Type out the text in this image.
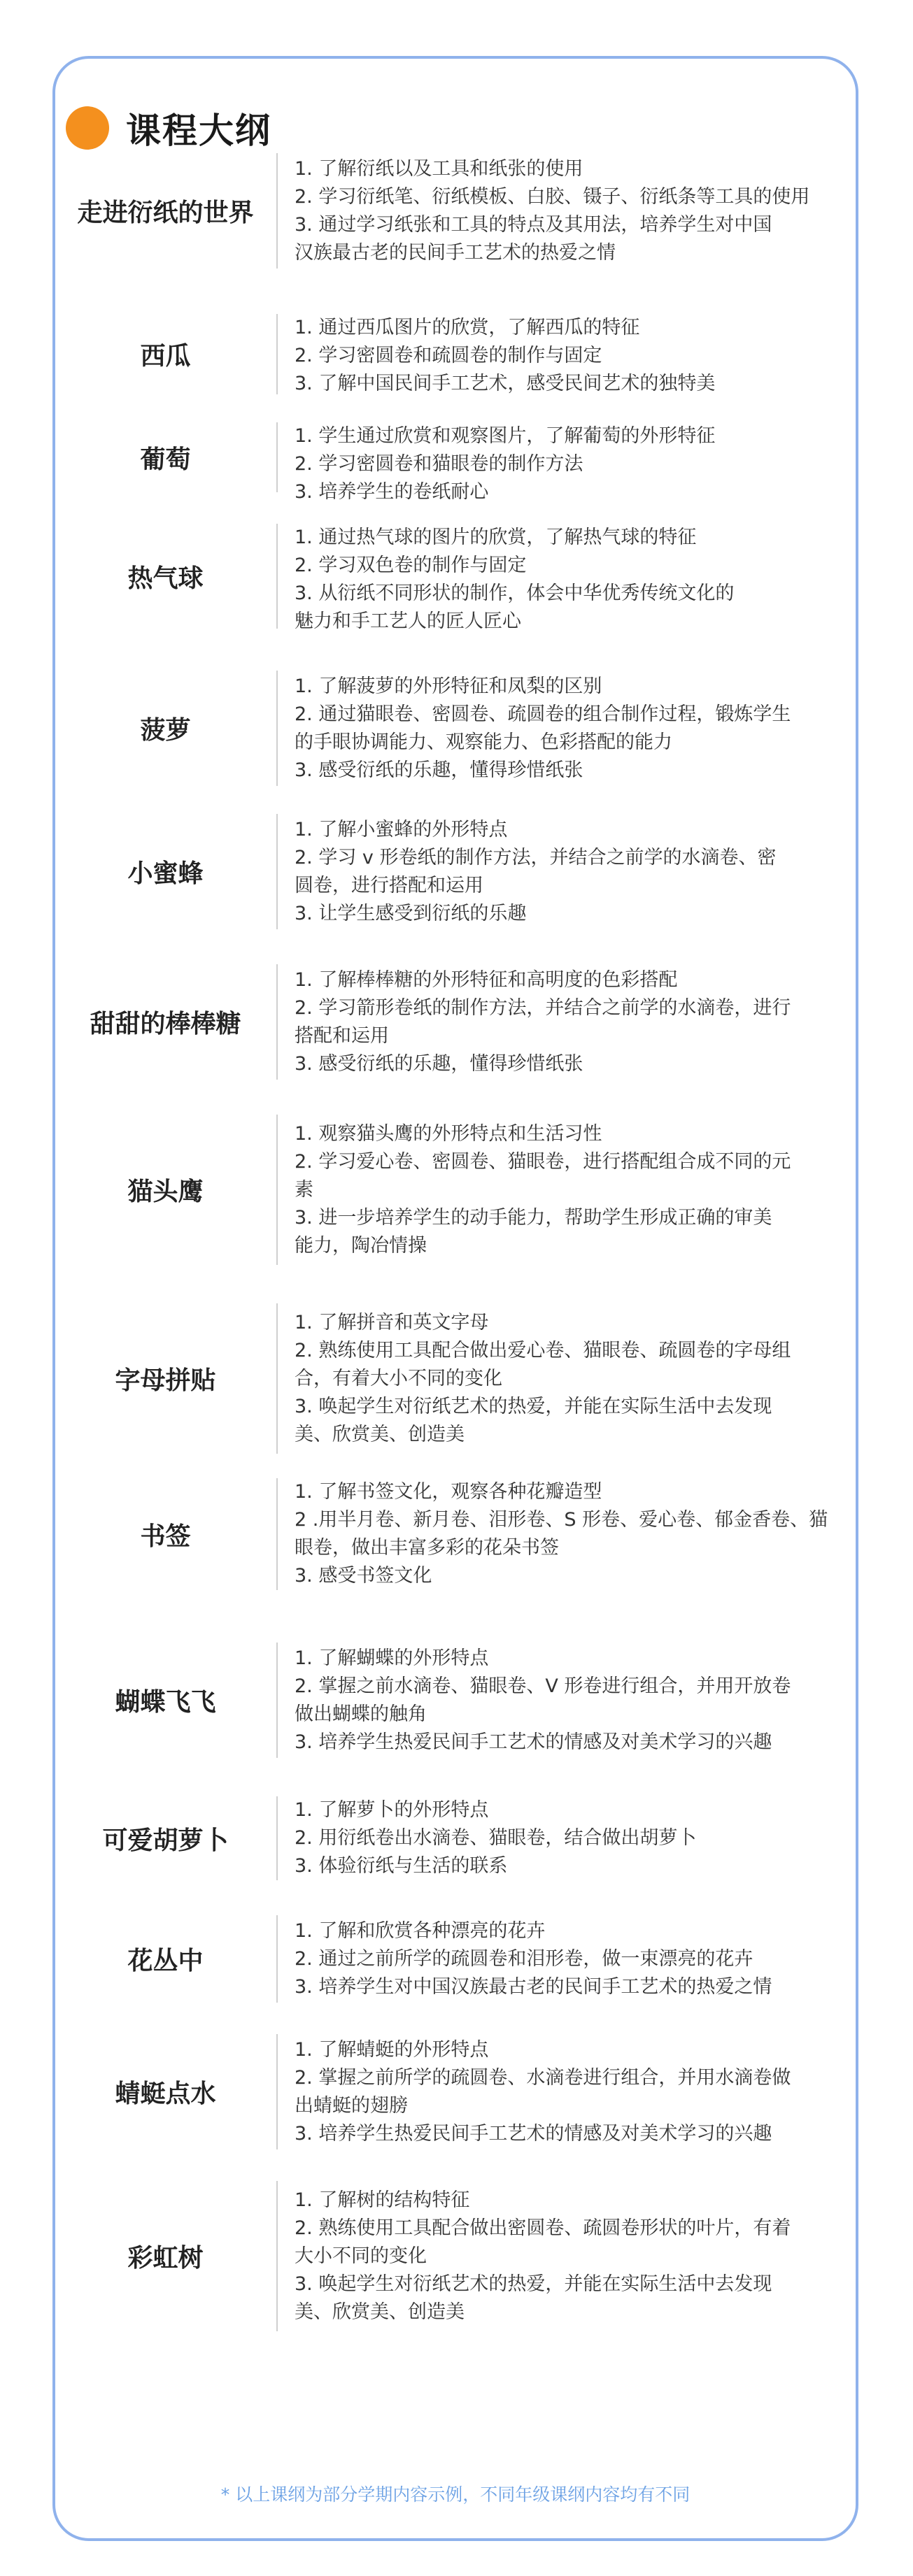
课程大纲
走进衍纸的世界
1. 了解衍纸以及工具和纸张的使用
2. 学习衍纸笔、衍纸模板、白胶、镊子、衍纸条等工具的使用
3. 通过学习纸张和工具的特点及其用法，培养学生对中国
汉族最古老的民间手工艺术的热爱之情
西瓜
1. 通过西瓜图片的欣赏，了解西瓜的特征
2. 学习密圆卷和疏圆卷的制作与固定
3. 了解中国民间手工艺术，感受民间艺术的独特美
葡萄
1. 学生通过欣赏和观察图片，了解葡萄的外形特征
2. 学习密圆卷和猫眼卷的制作方法
3. 培养学生的卷纸耐心
热气球
1. 通过热气球的图片的欣赏，了解热气球的特征
2. 学习双色卷的制作与固定
3. 从衍纸不同形状的制作，体会中华优秀传统文化的
魅力和手工艺人的匠人匠心
菠萝
1. 了解菠萝的外形特征和凤梨的区别
2. 通过猫眼卷、密圆卷、疏圆卷的组合制作过程，锻炼学生
的手眼协调能力、观察能力、色彩搭配的能力
3. 感受衍纸的乐趣，懂得珍惜纸张
小蜜蜂
1. 了解小蜜蜂的外形特点
2. 学习 v 形卷纸的制作方法，并结合之前学的水滴卷、密
圆卷，进行搭配和运用
3. 让学生感受到衍纸的乐趣
甜甜的棒棒糖
1. 了解棒棒糖的外形特征和高明度的色彩搭配
2. 学习箭形卷纸的制作方法，并结合之前学的水滴卷，进行
搭配和运用
3. 感受衍纸的乐趣，懂得珍惜纸张
猫头鹰
1. 观察猫头鹰的外形特点和生活习性
2. 学习爱心卷、密圆卷、猫眼卷，进行搭配组合成不同的元
素
3. 进一步培养学生的动手能力，帮助学生形成正确的审美
能力，陶冶情操
字母拼贴
1. 了解拼音和英文字母
2. 熟练使用工具配合做出爱心卷、猫眼卷、疏圆卷的字母组
合，有着大小不同的变化
3. 唤起学生对衍纸艺术的热爱，并能在实际生活中去发现
美、欣赏美、创造美
书签
1. 了解书签文化，观察各种花瓣造型
2 .用半月卷、新月卷、泪形卷、S 形卷、爱心卷、郁金香卷、猫
眼卷，做出丰富多彩的花朵书签
3. 感受书签文化
蝴蝶飞飞
1. 了解蝴蝶的外形特点
2. 掌握之前水滴卷、猫眼卷、V 形卷进行组合，并用开放卷
做出蝴蝶的触角
3. 培养学生热爱民间手工艺术的情感及对美术学习的兴趣
可爱胡萝卜
1. 了解萝卜的外形特点
2. 用衍纸卷出水滴卷、猫眼卷，结合做出胡萝卜
3. 体验衍纸与生活的联系
花丛中
1. 了解和欣赏各种漂亮的花卉
2. 通过之前所学的疏圆卷和泪形卷，做一束漂亮的花卉
3. 培养学生对中国汉族最古老的民间手工艺术的热爱之情
蜻蜓点水
1. 了解蜻蜓的外形特点
2. 掌握之前所学的疏圆卷、水滴卷进行组合，并用水滴卷做
出蜻蜓的翅膀
3. 培养学生热爱民间手工艺术的情感及对美术学习的兴趣
彩虹树
1. 了解树的结构特征
2. 熟练使用工具配合做出密圆卷、疏圆卷形状的叶片，有着
大小不同的变化
3. 唤起学生对衍纸艺术的热爱，并能在实际生活中去发现
美、欣赏美、创造美
* 以上课纲为部分学期内容示例，不同年级课纲内容均有不同
